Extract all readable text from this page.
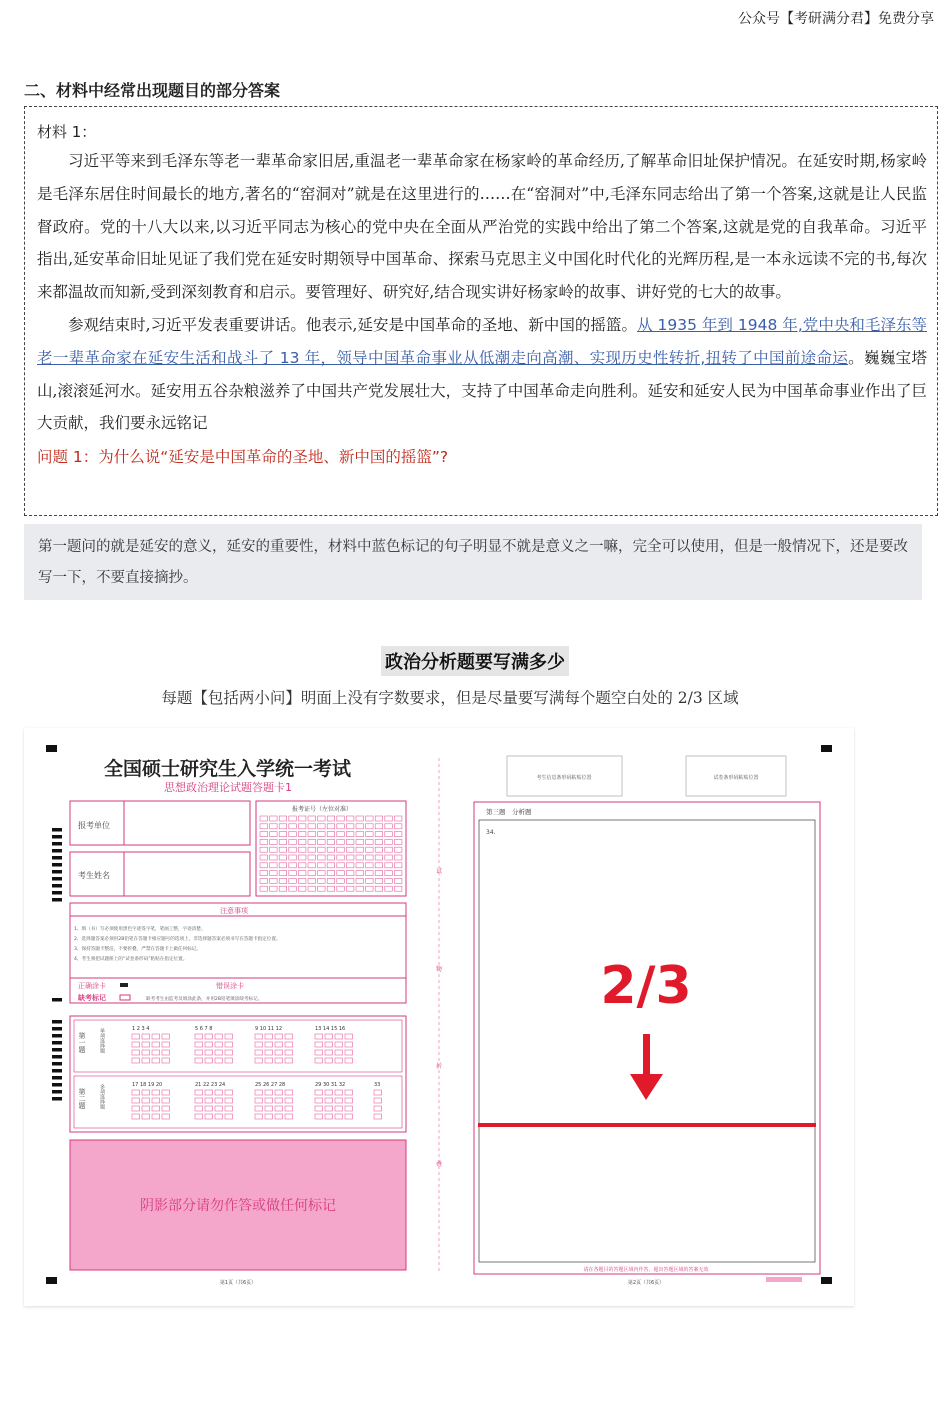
公众号【考研满分君】免费分享
二、材料中经常出现题目的部分答案
材料 1：

习近平等来到毛泽东等老一辈革命家旧居,重温老一辈革命家在杨家岭的革命经历,了解革命旧址保护情况。在延安时期,杨家岭是毛泽东居住时间最长的地方,著名的“窑洞对”就是在这里进行的……在“窑洞对”中,毛泽东同志给出了第一个答案,这就是让人民监督政府。党的十八大以来,以习近平同志为核心的党中央在全面从严治党的实践中给出了第二个答案,这就是党的自我革命。习近平指出,延安革命旧址见证了我们党在延安时期领导中国革命、探索马克思主义中国化时代化的光辉历程,是一本永远读不完的书,每次来都温故而知新,受到深刻教育和启示。要管理好、研究好,结合现实讲好杨家岭的故事、讲好党的七大的故事。

参观结束时,习近平发表重要讲话。他表示,延安是中国革命的圣地、新中国的摇篮。从 1935 年到 1948 年,党中央和毛泽东等老一辈革命家在延安生活和战斗了 13 年，领导中国革命事业从低潮走向高潮、实现历史性转折,扭转了中国前途命运。巍巍宝塔山,滚滚延河水。延安用五谷杂粮滋养了中国共产党发展壮大，支持了中国革命走向胜利。延安和延安人民为中国革命事业作出了巨大贡献，我们要永远铭记

问题 1：为什么说“延安是中国革命的圣地、新中国的摇篮”?
第一题问的就是延安的意义，延安的重要性，材料中蓝色标记的句子明显不就是意义之一嘛，完全可以使用，但是一般情况下，还是要改写一下，不要直接摘抄。
政治分析题要写满多少
每题【包括两小问】明面上没有字数要求，但是尽量要写满每个题空白处的 2/3 区域
全国硕士研究生入学统一考试
思想政治理论试题答题卡1
报考单位
考生姓名
报考证号（左位对准）
注意事项
1、填（书）写必须使用黑色字迹签字笔，笔画工整，字迹清楚。
2、选择题答案必须用2B铅笔在答题卡相应题号的选项上，非选择题答案必须书写在答题卡指定位置。
3、保持答题卡整洁，不要折叠，严禁在答题卡上做任何标记。
4、考生须把试题册上的“试卷条形码”粘贴在指定位置。
正确涂卡	错误涂卡
缺考标记	缺考考生由监考员填涂此条，并用2B铅笔填涂缺考标记。
第一题	单项选择题
第二题	多项选择题
1 2 3 4	5 6 7 8	9 10 11 12	13 14 15 16
17 18 19 20	21 22 23 24	25 26 27 28	29 30 31 32	33
阴影部分请勿作答或做任何标记
第1页（共6页）
试
物
折
叠
考生信息条形码粘贴位置	试卷条形码粘贴位置
第三题　分析题
34.
2/3
请在各题目的答题区域内作答，超出答题区域的答案无效
第2页（共6页）
